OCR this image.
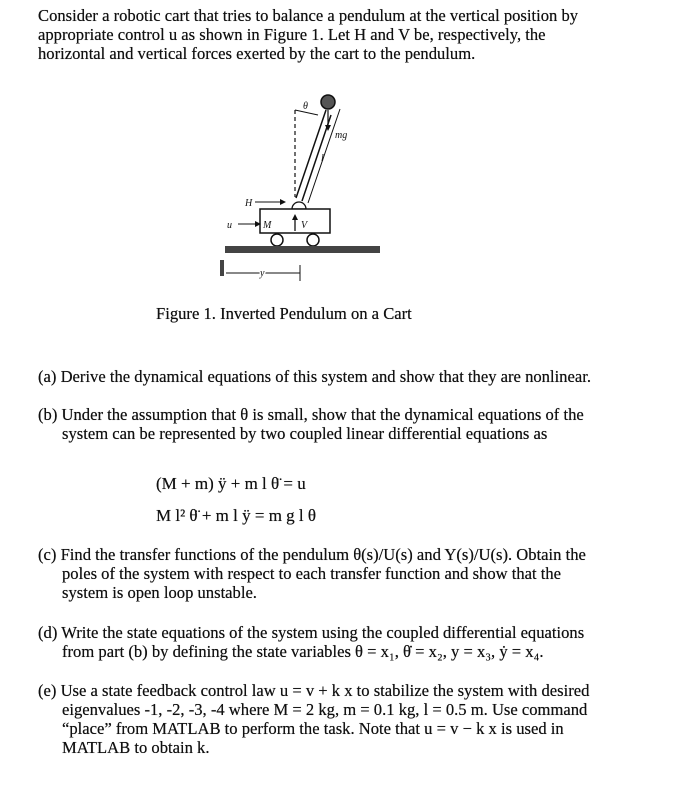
Consider a robotic cart that tries to balance a pendulum at the vertical position by
appropriate control u as shown in Figure 1. Let H and V be, respectively, the
horizontal and vertical forces exerted by the cart to the pendulum.
θ
mg
l
H
u	M	V
y
Figure 1. Inverted Pendulum on a Cart
(a) Derive the dynamical equations of this system and show that they are nonlinear.
(b) Under the assumption that θ is small, show that the dynamical equations of the
system can be represented by two coupled linear differential equations as
(M + m) ÿ + m l θ̈ = u
M l² θ̈ + m l ÿ = m g l θ
(c) Find the transfer functions of the pendulum θ(s)/U(s) and Y(s)/U(s). Obtain the
poles of the system with respect to each transfer function and show that the
system is open loop unstable.
(d) Write the state equations of the system using the coupled differential equations
from part (b) by defining the state variables θ = x₁, θ̇ = x₂, y = x₃, ẏ = x₄.
(e) Use a state feedback control law u = v + k x to stabilize the system with desired
eigenvalues -1, -2, -3, -4 where M = 2 kg, m = 0.1 kg, l = 0.5 m. Use command
“place” from MATLAB to perform the task. Note that u = v − k x is used in
MATLAB to obtain k.
